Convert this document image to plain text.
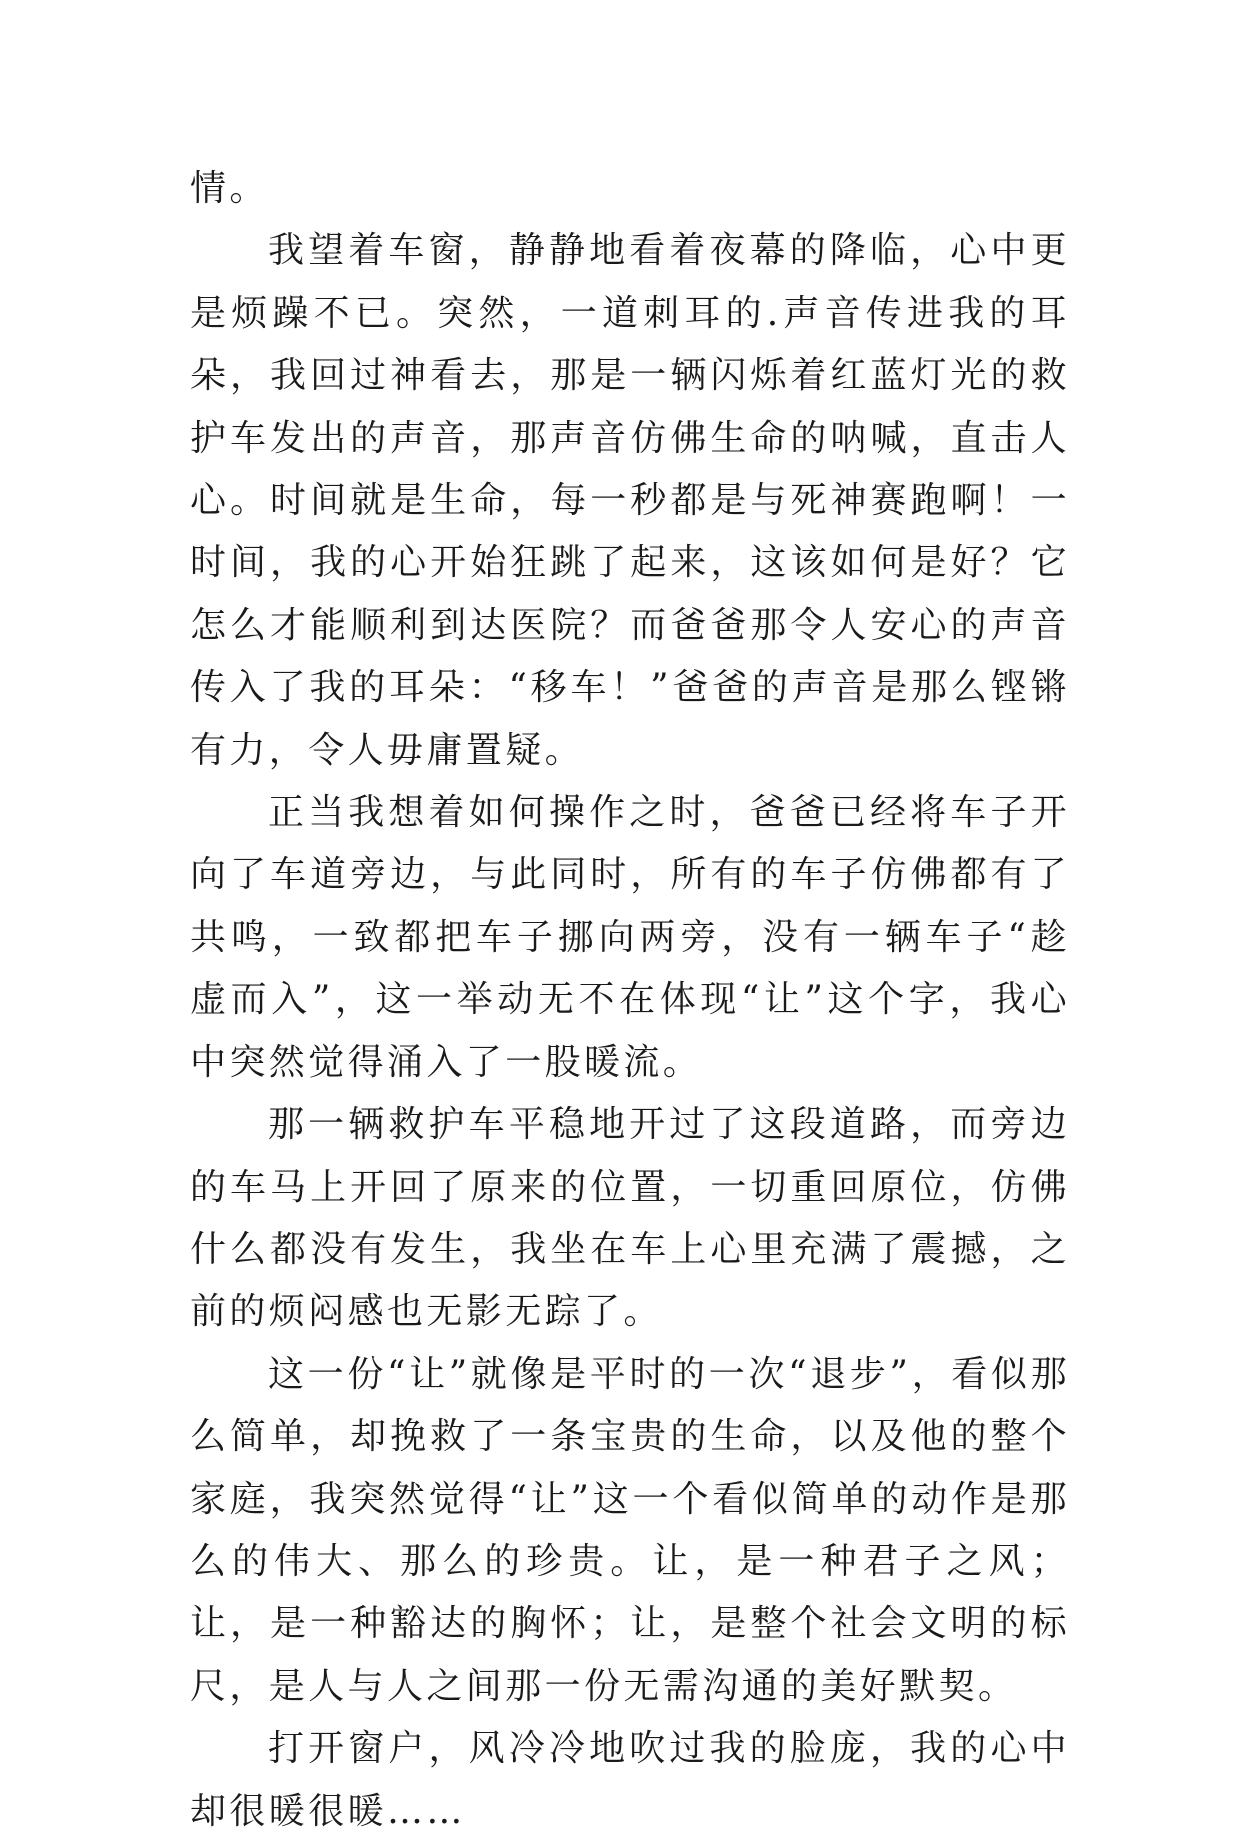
情。

我望着车窗，静静地看着夜幕的降临，心中更是烦躁不已。突然，一道刺耳的.声音传进我的耳朵，我回过神看去，那是一辆闪烁着红蓝灯光的救护车发出的声音，那声音仿佛生命的呐喊，直击人心。时间就是生命，每一秒都是与死神赛跑啊！一时间，我的心开始狂跳了起来，这该如何是好？它怎么才能顺利到达医院？而爸爸那令人安心的声音传入了我的耳朵：“移车！”爸爸的声音是那么铿锵有力，令人毋庸置疑。

正当我想着如何操作之时，爸爸已经将车子开向了车道旁边，与此同时，所有的车子仿佛都有了共鸣，一致都把车子挪向两旁，没有一辆车子“趁虚而入”，这一举动无不在体现“让”这个字，我心中突然觉得涌入了一股暖流。

那一辆救护车平稳地开过了这段道路，而旁边的车马上开回了原来的位置，一切重回原位，仿佛什么都没有发生，我坐在车上心里充满了震撼，之前的烦闷感也无影无踪了。

这一份“让”就像是平时的一次“退步”，看似那么简单，却挽救了一条宝贵的生命，以及他的整个家庭，我突然觉得“让”这一个看似简单的动作是那么的伟大、那么的珍贵。让，是一种君子之风；让，是一种豁达的胸怀；让，是整个社会文明的标尺，是人与人之间那一份无需沟通的美好默契。

打开窗户，风冷冷地吹过我的脸庞，我的心中却很暖很暖……
